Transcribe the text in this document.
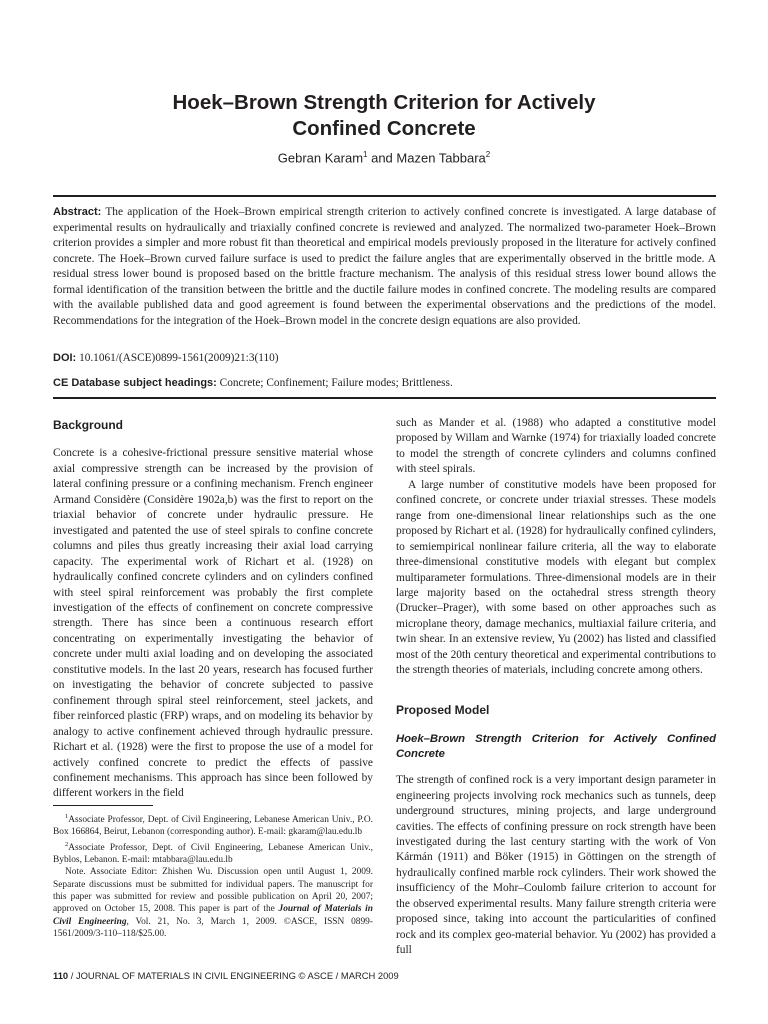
Hoek–Brown Strength Criterion for Actively
Confined Concrete
Gebran Karam$^1$ and Mazen Tabbara$^2$
Abstract: The application of the Hoek–Brown empirical strength criterion to actively confined concrete is investigated. A large database of experimental results on hydraulically and triaxially confined concrete is reviewed and analyzed. The normalized two-parameter Hoek–Brown criterion provides a simpler and more robust fit than theoretical and empirical models previously proposed in the literature for actively confined concrete. The Hoek–Brown curved failure surface is used to predict the failure angles that are experimentally observed in the brittle mode. A residual stress lower bound is proposed based on the brittle fracture mechanism. The analysis of this residual stress lower bound allows the formal identification of the transition between the brittle and the ductile failure modes in confined concrete. The modeling results are compared with the available published data and good agreement is found between the experimental observations and the predictions of the model. Recommendations for the integration of the Hoek–Brown model in the concrete design equations are also provided.
DOI: 10.1061/(ASCE)0899-1561(2009)21:3(110)
CE Database subject headings: Concrete; Confinement; Failure modes; Brittleness.
Background

Concrete is a cohesive-frictional pressure sensitive material whose axial compressive strength can be increased by the provision of lateral confining pressure or a confining mechanism. French engineer Armand Considère (Considère 1902a,b) was the first to report on the triaxial behavior of concrete under hydraulic pressure. He investigated and patented the use of steel spirals to confine concrete columns and piles thus greatly increasing their axial load carrying capacity. The experimental work of Richart et al. (1928) on hydraulically confined concrete cylinders and on cylinders confined with steel spiral reinforcement was probably the first complete investigation of the effects of confinement on concrete compressive strength. There has since been a continuous research effort concentrating on experimentally investigating the behavior of concrete under multi axial loading and on developing the associated constitutive models. In the last 20 years, research has focused further on investigating the behavior of concrete subjected to passive confinement through spiral steel reinforcement, steel jackets, and fiber reinforced plastic (FRP) wraps, and on modeling its behavior by analogy to active confinement achieved through hydraulic pressure. Richart et al. (1928) were the first to propose the use of a model for actively confined concrete to predict the effects of passive confinement mechanisms. This approach has since been followed by different workers in the field

$^1$Associate Professor, Dept. of Civil Engineering, Lebanese American Univ., P.O. Box 166864, Beirut, Lebanon (corresponding author). E-mail: gkaram@lau.edu.lb

$^2$Associate Professor, Dept. of Civil Engineering, Lebanese American Univ., Byblos, Lebanon. E-mail: mtabbara@lau.edu.lb

Note. Associate Editor: Zhishen Wu. Discussion open until August 1, 2009. Separate discussions must be submitted for individual papers. The manuscript for this paper was submitted for review and possible publication on April 20, 2007; approved on October 15, 2008. This paper is part of the Journal of Materials in Civil Engineering, Vol. 21, No. 3, March 1, 2009. ©ASCE, ISSN 0899-1561/2009/3-110–118/$25.00.

such as Mander et al. (1988) who adapted a constitutive model proposed by Willam and Warnke (1974) for triaxially loaded concrete to model the strength of concrete cylinders and columns confined with steel spirals.

A large number of constitutive models have been proposed for confined concrete, or concrete under triaxial stresses. These models range from one-dimensional linear relationships such as the one proposed by Richart et al. (1928) for hydraulically confined cylinders, to semiempirical nonlinear failure criteria, all the way to elaborate three-dimensional constitutive models with elegant but complex multiparameter formulations. Three-dimensional models are in their large majority based on the octahedral stress strength theory (Drucker–Prager), with some based on other approaches such as microplane theory, damage mechanics, multiaxial failure criteria, and twin shear. In an extensive review, Yu (2002) has listed and classified most of the 20th century theoretical and experimental contributions to the strength theories of materials, including concrete among others.

Proposed Model
Hoek–Brown Strength Criterion for Actively Confined Concrete

The strength of confined rock is a very important design parameter in engineering projects involving rock mechanics such as tunnels, deep underground structures, mining projects, and large underground cavities. The effects of confining pressure on rock strength have been investigated during the last century starting with the work of Von Kármán (1911) and Böker (1915) in Göttingen on the strength of hydraulically confined marble rock cylinders. Their work showed the insufficiency of the Mohr–Coulomb failure criterion to account for the observed experimental results. Many failure strength criteria were proposed since, taking into account the particularities of confined rock and its complex geo-material behavior. Yu (2002) has provided a full

110 / JOURNAL OF MATERIALS IN CIVIL ENGINEERING © ASCE / MARCH 2009
